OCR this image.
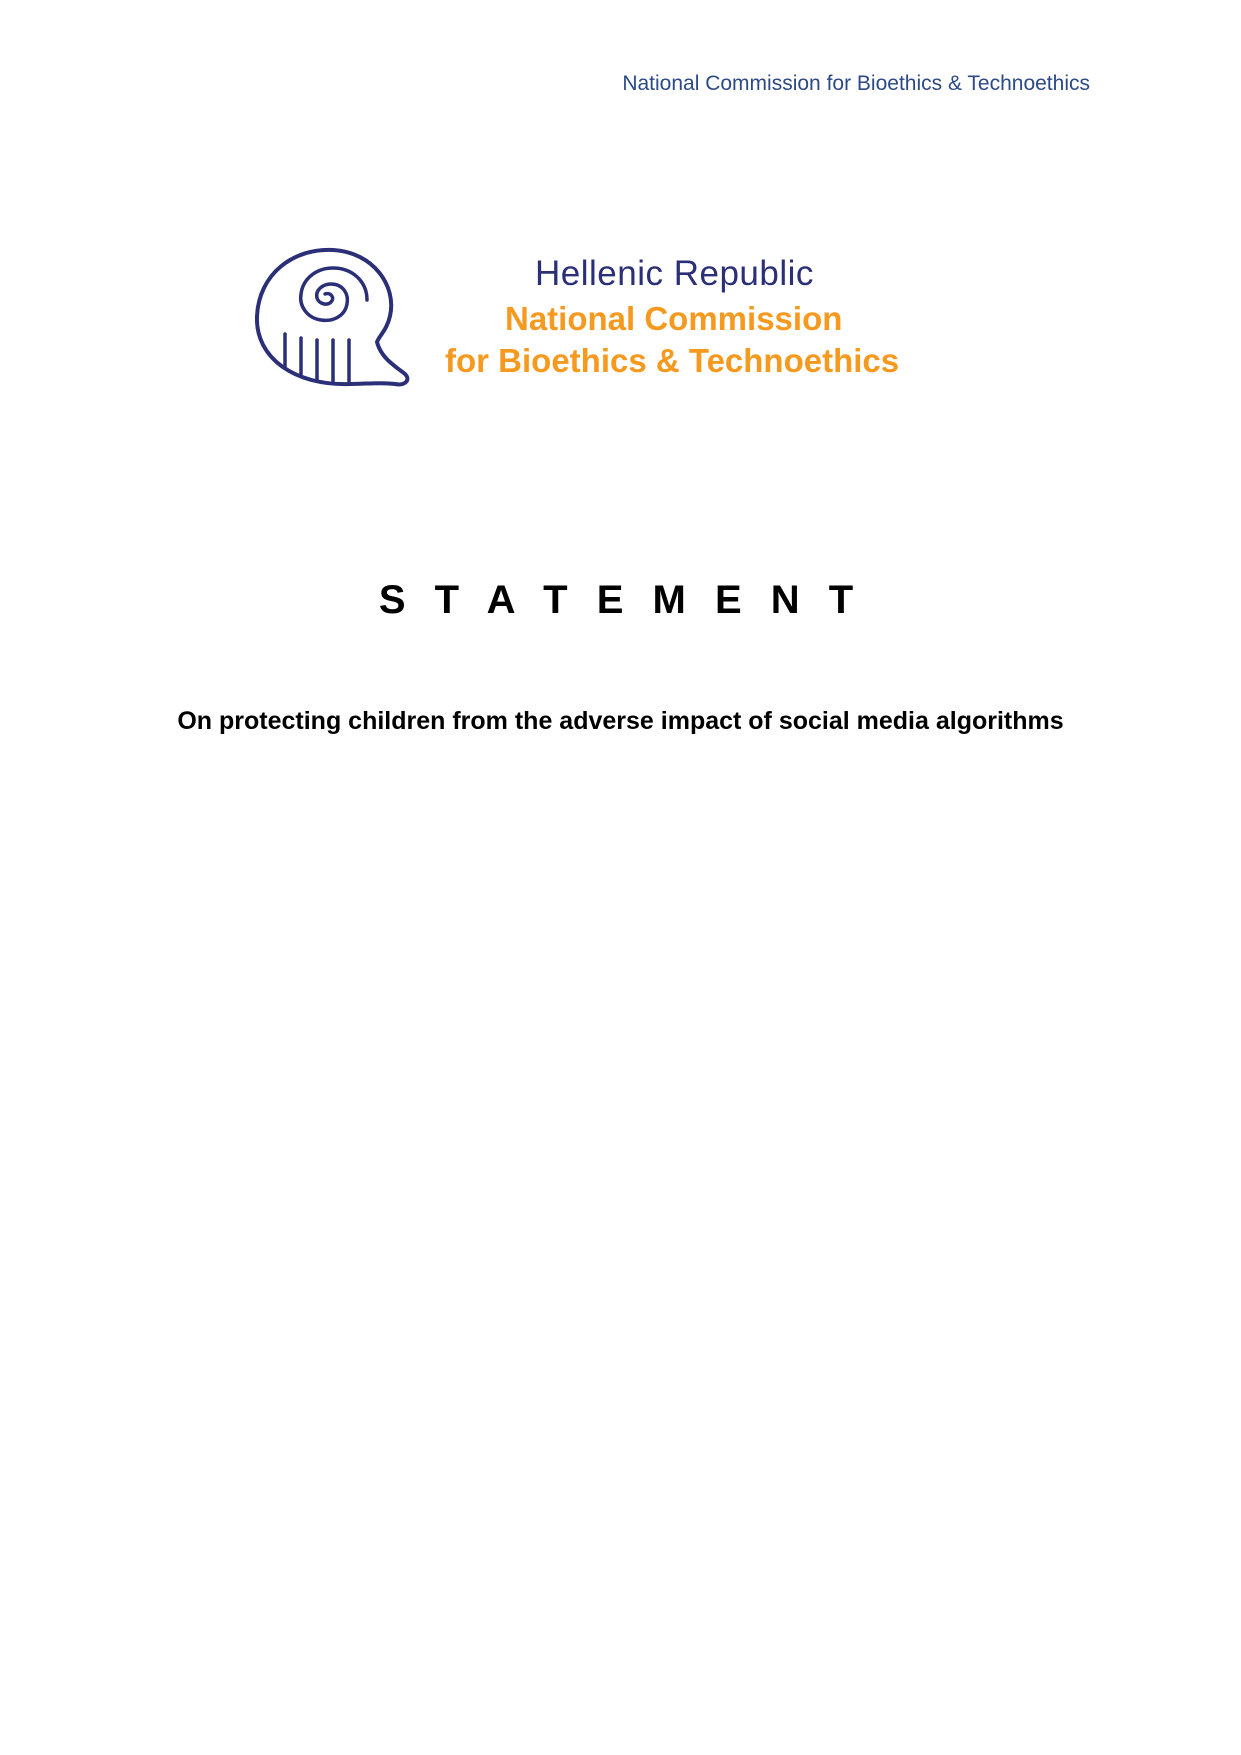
National Commission for Bioethics & Technoethics
Hellenic Republic
National Commission
for Bioethics & Technoethics
S T A T E M E N T
On protecting children from the adverse impact of social media algorithms
